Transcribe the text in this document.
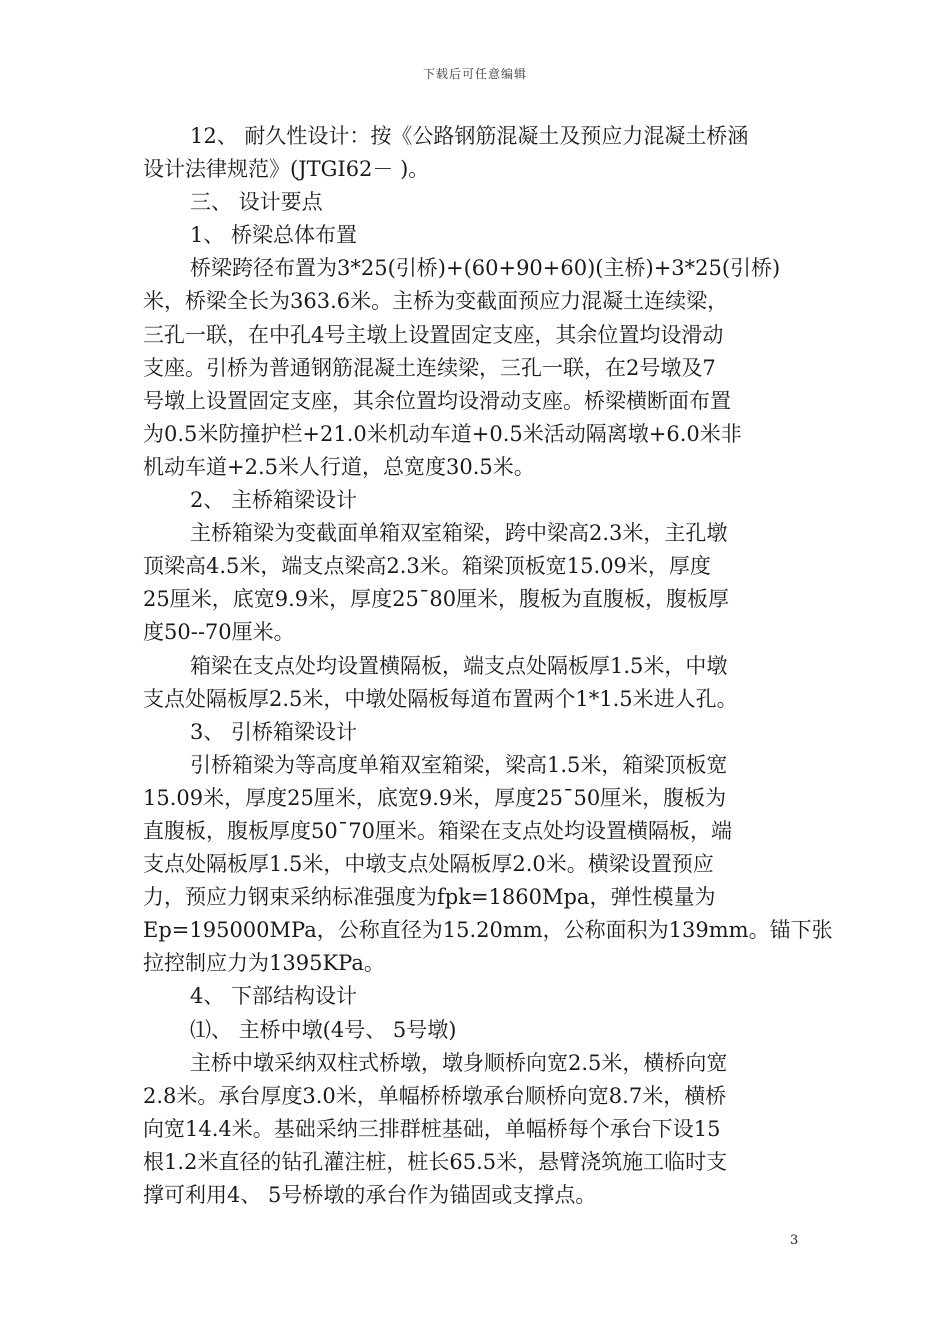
下载后可任意编辑
12、 耐久性设计：按《公路钢筋混凝土及预应力混凝土桥涵
设计法律规范》(JTGI62－ )。
三、 设计要点
1、 桥梁总体布置
桥梁跨径布置为3*25(引桥)+(60+90+60)(主桥)+3*25(引桥)
米，桥梁全长为363.6米。主桥为变截面预应力混凝土连续梁，
三孔一联，在中孔4号主墩上设置固定支座，其余位置均设滑动
支座。引桥为普通钢筋混凝土连续梁，三孔一联，在2号墩及7
号墩上设置固定支座，其余位置均设滑动支座。桥梁横断面布置
为0.5米防撞护栏+21.0米机动车道+0.5米活动隔离墩+6.0米非
机动车道+2.5米人行道，总宽度30.5米。
2、 主桥箱梁设计
主桥箱梁为变截面单箱双室箱梁，跨中梁高2.3米，主孔墩
顶梁高4.5米，端支点梁高2.3米。箱梁顶板宽15.09米，厚度
25厘米，底宽9.9米，厚度25¯80厘米，腹板为直腹板，腹板厚
度50--70厘米。
箱梁在支点处均设置横隔板，端支点处隔板厚1.5米，中墩
支点处隔板厚2.5米，中墩处隔板每道布置两个1*1.5米进人孔。
3、 引桥箱梁设计
引桥箱梁为等高度单箱双室箱梁，梁高1.5米，箱梁顶板宽
15.09米，厚度25厘米，底宽9.9米，厚度25¯50厘米，腹板为
直腹板，腹板厚度50¯70厘米。箱梁在支点处均设置横隔板，端
支点处隔板厚1.5米，中墩支点处隔板厚2.0米。横梁设置预应
力，预应力钢束采纳标准强度为fpk=1860Mpa，弹性模量为
Ep=195000MPa，公称直径为15.20mm，公称面积为139mm。锚下张
拉控制应力为1395KPa。
4、 下部结构设计
⑴、 主桥中墩(4号、 5号墩)
主桥中墩采纳双柱式桥墩，墩身顺桥向宽2.5米，横桥向宽
2.8米。承台厚度3.0米，单幅桥桥墩承台顺桥向宽8.7米，横桥
向宽14.4米。基础采纳三排群桩基础，单幅桥每个承台下设15
根1.2米直径的钻孔灌注桩，桩长65.5米，悬臂浇筑施工临时支
撑可利用4、 5号桥墩的承台作为锚固或支撑点。
3
